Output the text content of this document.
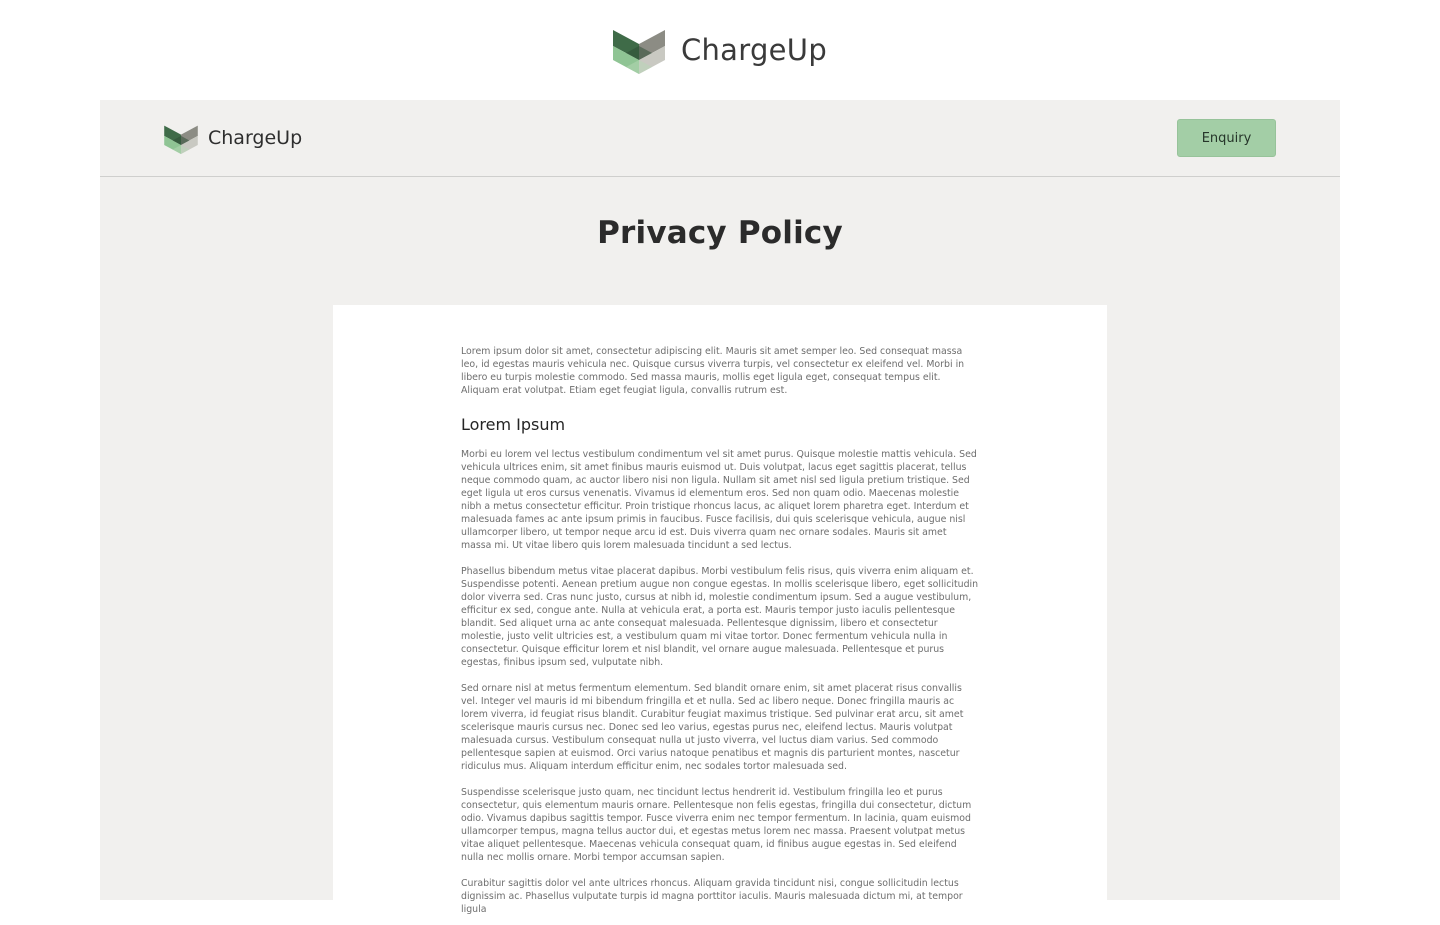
ChargeUp
ChargeUp	Enquiry
Privacy Policy

Lorem ipsum dolor sit amet, consectetur adipiscing elit. Mauris sit amet semper leo. Sed consequat massa leo, id egestas mauris vehicula nec. Quisque cursus viverra turpis, vel consectetur ex eleifend vel. Morbi in libero eu turpis molestie commodo. Sed massa mauris, mollis eget ligula eget, consequat tempus elit. Aliquam erat volutpat. Etiam eget feugiat ligula, convallis rutrum est.

Lorem Ipsum

Morbi eu lorem vel lectus vestibulum condimentum vel sit amet purus. Quisque molestie mattis vehicula. Sed vehicula ultrices enim, sit amet finibus mauris euismod ut. Duis volutpat, lacus eget sagittis placerat, tellus neque commodo quam, ac auctor libero nisi non ligula. Nullam sit amet nisl sed ligula pretium tristique. Sed eget ligula ut eros cursus venenatis. Vivamus id elementum eros. Sed non quam odio. Maecenas molestie nibh a metus consectetur efficitur. Proin tristique rhoncus lacus, ac aliquet lorem pharetra eget. Interdum et malesuada fames ac ante ipsum primis in faucibus. Fusce facilisis, dui quis scelerisque vehicula, augue nisl ullamcorper libero, ut tempor neque arcu id est. Duis viverra quam nec ornare sodales. Mauris sit amet massa mi. Ut vitae libero quis lorem malesuada tincidunt a sed lectus.

Phasellus bibendum metus vitae placerat dapibus. Morbi vestibulum felis risus, quis viverra enim aliquam et. Suspendisse potenti. Aenean pretium augue non congue egestas. In mollis scelerisque libero, eget sollicitudin dolor viverra sed. Cras nunc justo, cursus at nibh id, molestie condimentum ipsum. Sed a augue vestibulum, efficitur ex sed, congue ante. Nulla at vehicula erat, a porta est. Mauris tempor justo iaculis pellentesque blandit. Sed aliquet urna ac ante consequat malesuada. Pellentesque dignissim, libero et consectetur molestie, justo velit ultricies est, a vestibulum quam mi vitae tortor. Donec fermentum vehicula nulla in consectetur. Quisque efficitur lorem et nisl blandit, vel ornare augue malesuada. Pellentesque et purus egestas, finibus ipsum sed, vulputate nibh.

Sed ornare nisl at metus fermentum elementum. Sed blandit ornare enim, sit amet placerat risus convallis vel. Integer vel mauris id mi bibendum fringilla et et nulla. Sed ac libero neque. Donec fringilla mauris ac lorem viverra, id feugiat risus blandit. Curabitur feugiat maximus tristique. Sed pulvinar erat arcu, sit amet scelerisque mauris cursus nec. Donec sed leo varius, egestas purus nec, eleifend lectus. Mauris volutpat malesuada cursus. Vestibulum consequat nulla ut justo viverra, vel luctus diam varius. Sed commodo pellentesque sapien at euismod. Orci varius natoque penatibus et magnis dis parturient montes, nascetur ridiculus mus. Aliquam interdum efficitur enim, nec sodales tortor malesuada sed.

Suspendisse scelerisque justo quam, nec tincidunt lectus hendrerit id. Vestibulum fringilla leo et purus consectetur, quis elementum mauris ornare. Pellentesque non felis egestas, fringilla dui consectetur, dictum odio. Vivamus dapibus sagittis tempor. Fusce viverra enim nec tempor fermentum. In lacinia, quam euismod ullamcorper tempus, magna tellus auctor dui, et egestas metus lorem nec massa. Praesent volutpat metus vitae aliquet pellentesque. Maecenas vehicula consequat quam, id finibus augue egestas in. Sed eleifend nulla nec mollis ornare. Morbi tempor accumsan sapien.

Curabitur sagittis dolor vel ante ultrices rhoncus. Aliquam gravida tincidunt nisi, congue sollicitudin lectus dignissim ac. Phasellus vulputate turpis id magna porttitor iaculis. Mauris malesuada dictum mi, at tempor ligula
